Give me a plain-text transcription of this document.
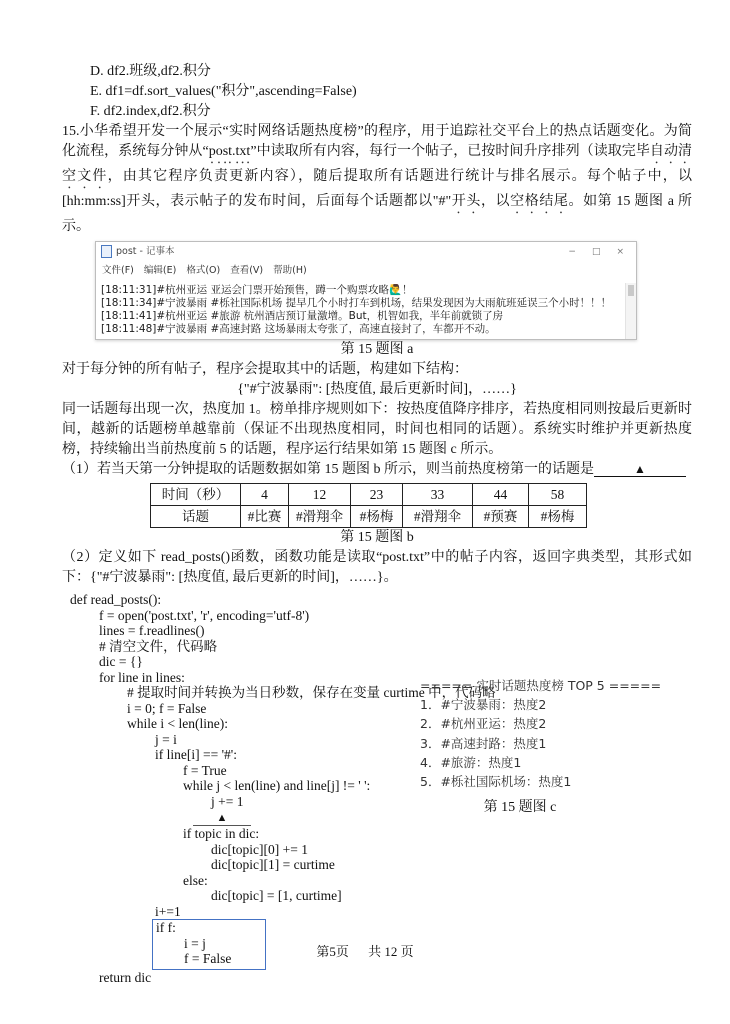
D. df2.班级,df2.积分
E. df1=df.sort_values("积分",ascending=False)
F. df2.index,df2.积分

15.小华希望开发一个展示“实时网络话题热度榜”的程序，用于追踪社交平台上的热点话题变化。为简化流程，系统每分钟从“post.txt”中读取所有内容，每行一个帖子，已按时间升序排列（读取完毕自动清空文件，由其它程序负责更新内容），随后提取所有话题进行统计与排名展示。每个帖子中，以[hh:mm:ss]开头，表示帖子的发布时间，后面每个话题都以"#"开头，以空格结尾。如第 15 题图 a 所示。

post - 记事本	− □ ×
文件(F) 编辑(E) 格式(O) 查看(V) 帮助(H)
[18:11:31]#杭州亚运 亚运会门票开始预售，蹲一个购票攻略🙋‍♂！
[18:11:34]#宁波暴雨 #栎社国际机场 提早几个小时打车到机场，结果发现因为大雨航班延误三个小时！！！
[18:11:41]#杭州亚运 #旅游 杭州酒店预订量激增。But，机智如我，半年前就锁了房
[18:11:48]#宁波暴雨 #高速封路 这场暴雨太夸张了，高速直接封了，车都开不动。
第 15 题图 a

对于每分钟的所有帖子，程序会提取其中的话题，构建如下结构：

{"#宁波暴雨": [热度值, 最后更新时间]，……}

同一话题每出现一次，热度加 1。榜单排序规则如下：按热度值降序排序，若热度相同则按最后更新时间，越新的话题榜单越靠前（保证不出现热度相同，时间也相同的话题）。系统实时维护并更新热度榜，持续输出当前热度前 5 的话题，程序运行结果如第 15 题图 c 所示。

（1）若当天第一分钟提取的话题数据如第 15 题图 b 所示，则当前热度榜第一的话题是	▲

时间（秒）	4	12	23	33	44	58
话题	#比赛	#滑翔伞	#杨梅	#滑翔伞	#预赛	#杨梅
第 15 题图 b

（2）定义如下 read_posts()函数，函数功能是读取“post.txt”中的帖子内容，返回字典类型，其形式如下：{"#宁波暴雨": [热度值, 最后更新的时间]，……}。

def read_posts():
f = open('post.txt', 'r', encoding='utf-8')
lines = f.readlines()
# 清空文件，代码略
dic = {}
for line in lines:
# 提取时间并转换为当日秒数，保存在变量 curtime 中，代码略
i = 0; f = False
while i < len(line):
j = i
if line[i] == '#':
f = True
while j < len(line) and line[j] != ' ':
j += 1
▲
if topic in dic:
dic[topic][0] += 1
dic[topic][1] = curtime
else:
dic[topic] = [1, curtime]
i+=1
if f:
i = j
f = False
return dic
===== 实时话题热度榜 TOP 5 =====
1．#宁波暴雨：热度2
2．#杭州亚运：热度2
3．#高速封路：热度1
4．#旅游：热度1
5．#栎社国际机场：热度1
第 15 题图 c
第5页 共 12 页
